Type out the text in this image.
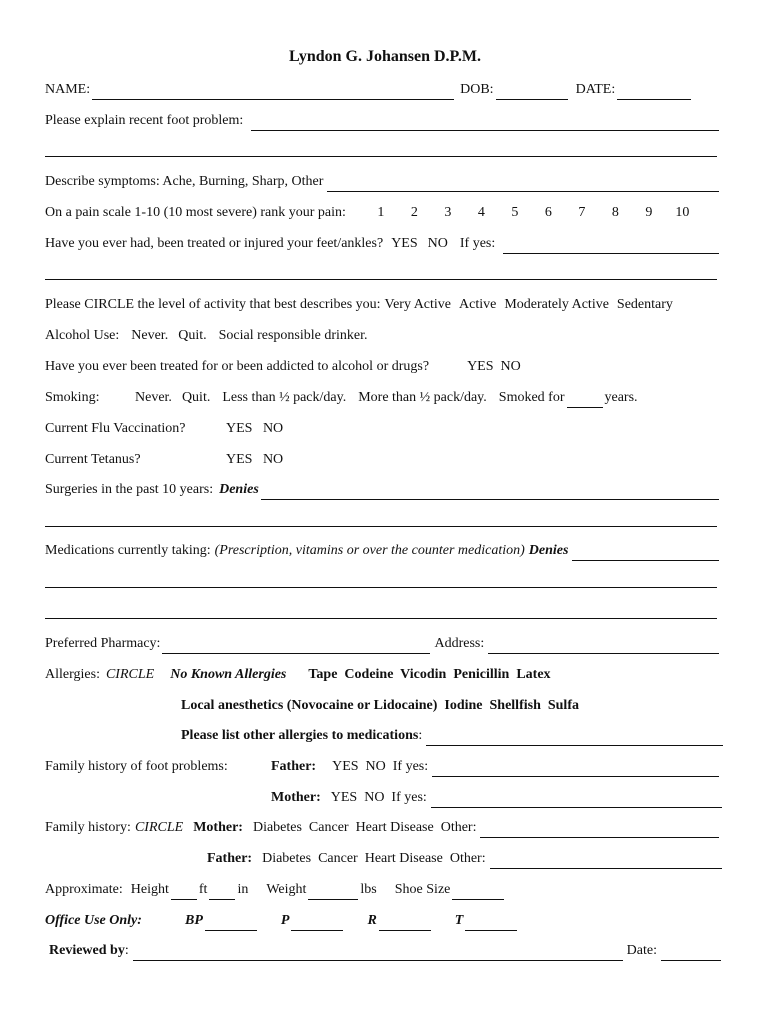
Lyndon G. Johansen D.P.M.
NAME:	DOB:	DATE:
Please explain recent foot problem:
Describe symptoms: Ache, Burning, Sharp, Other
On a pain scale 1-10 (10 most severe) rank your pain:	1 2 3 4 5 6 7 8 9 10
Have you ever had, been treated or injured your feet/ankles? YES NO If yes:
Please CIRCLE the level of activity that best describes you: Very Active Active Moderately Active Sedentary
Alcohol Use: Never. Quit. Social responsible drinker.
Have you ever been treated for or been addicted to alcohol or drugs?	YES  NO
Smoking:	Never. Quit. Less than ½ pack/day. More than ½ pack/day. Smoked for	years.
Current Flu Vaccination?	YES   NO
Current Tetanus?	YES   NO
Surgeries in the past 10 years: Denies
Medications currently taking: (Prescription, vitamins or over the counter medication) Denies
Preferred Pharmacy:	Address:
Allergies: CIRCLE No Known Allergies Tape  Codeine  Vicodin  Penicillin  Latex
Local anesthetics (Novocaine or Lidocaine)  Iodine  Shellfish  Sulfa
Please list other allergies to medications :
Family history of foot problems:	Father: YES  NO  If yes:
Mother: YES  NO  If yes:
Family history: CIRCLE Mother: Diabetes  Cancer  Heart Disease  Other:
Father: Diabetes  Cancer  Heart Disease  Other:
Approximate: Height ft in Weight	lbs Shoe Size
Office Use Only:	BP	P	R	T
Reviewed by :	Date:
